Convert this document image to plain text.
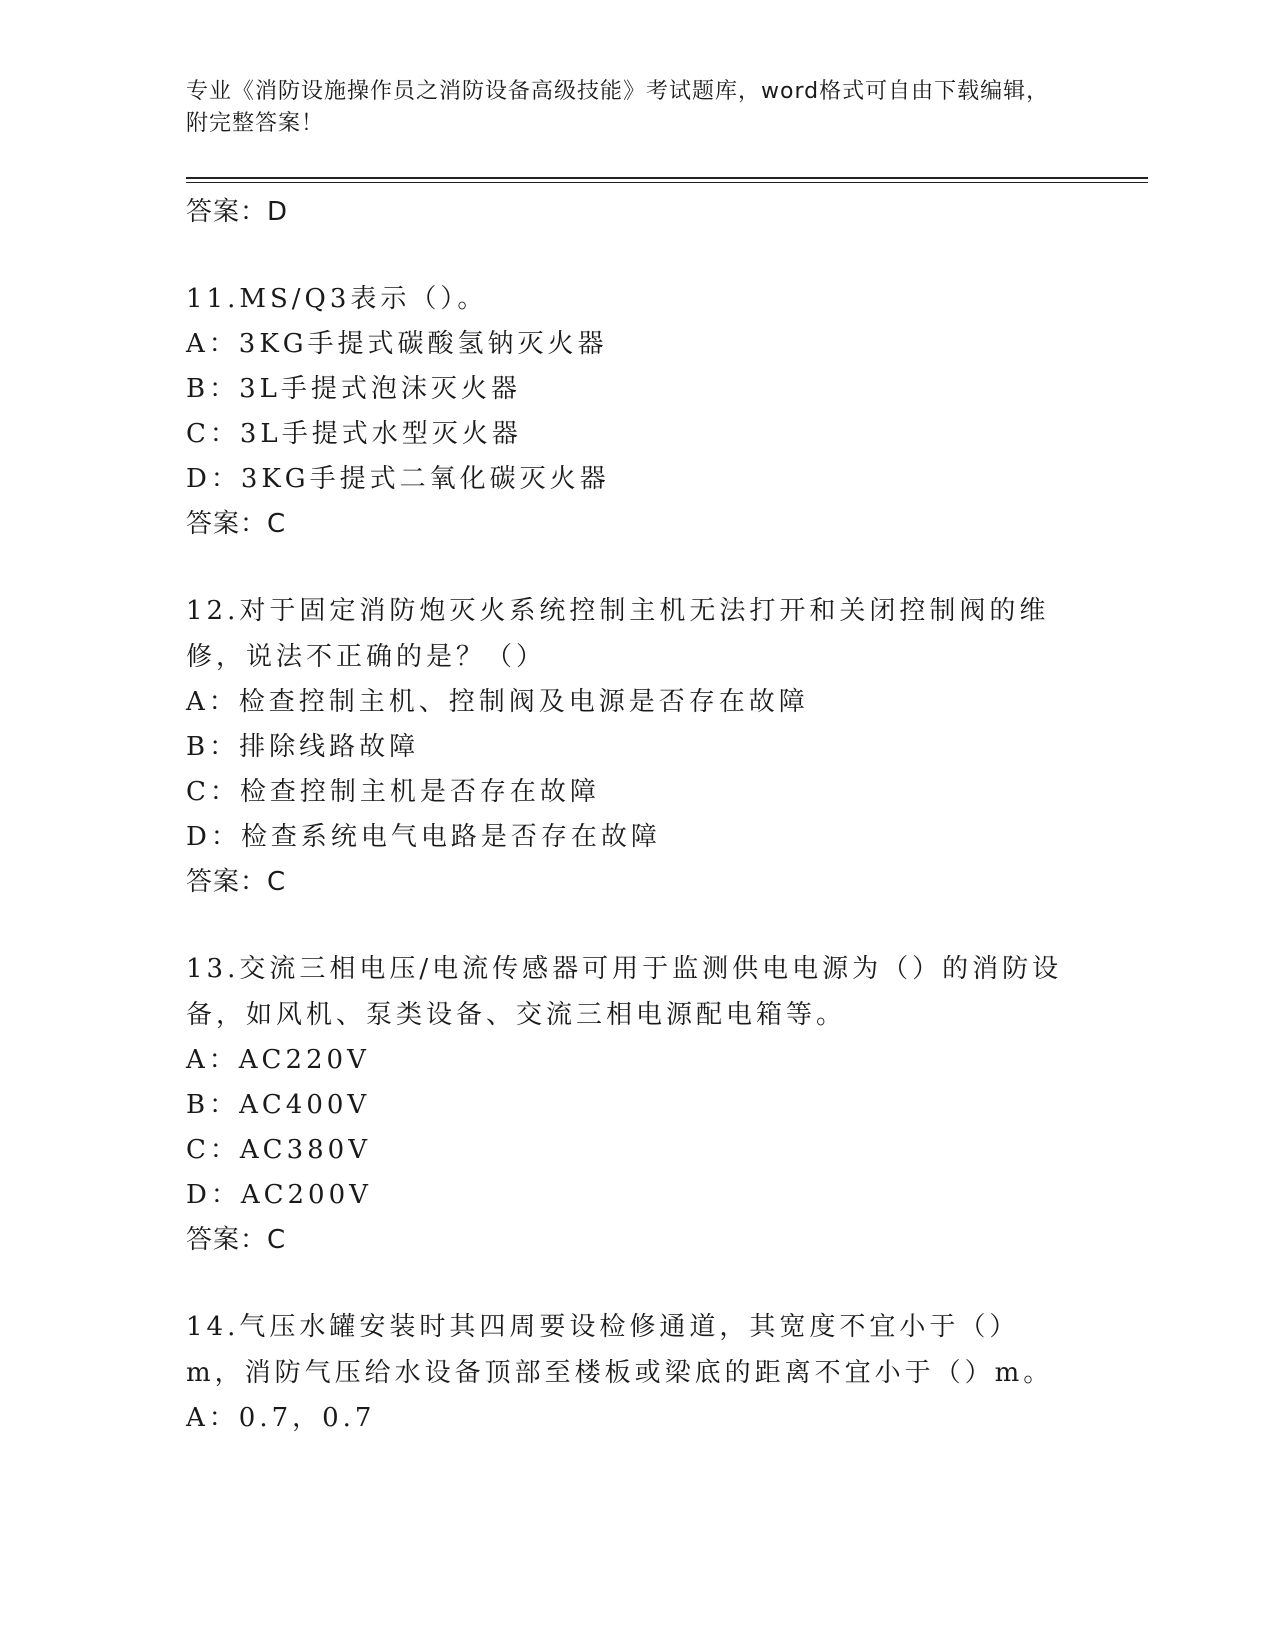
专业《消防设施操作员之消防设备高级技能》考试题库，word格式可自由下载编辑，附完整答案！
答案：D
11.MS/Q3表示（）。
A：3KG手提式碳酸氢钠灭火器
B：3L手提式泡沫灭火器
C：3L手提式水型灭火器
D：3KG手提式二氧化碳灭火器
答案：C
12.对于固定消防炮灭火系统控制主机无法打开和关闭控制阀的维修，说法不正确的是？（）
A：检查控制主机、控制阀及电源是否存在故障
B：排除线路故障
C：检查控制主机是否存在故障
D：检查系统电气电路是否存在故障
答案：C
13.交流三相电压/电流传感器可用于监测供电电源为（）的消防设备，如风机、泵类设备、交流三相电源配电箱等。
A：AC220V
B：AC400V
C：AC380V
D：AC200V
答案：C
14.气压水罐安装时其四周要设检修通道，其宽度不宜小于（）m，消防气压给水设备顶部至楼板或梁底的距离不宜小于（）m。
A：0.7，0.7
